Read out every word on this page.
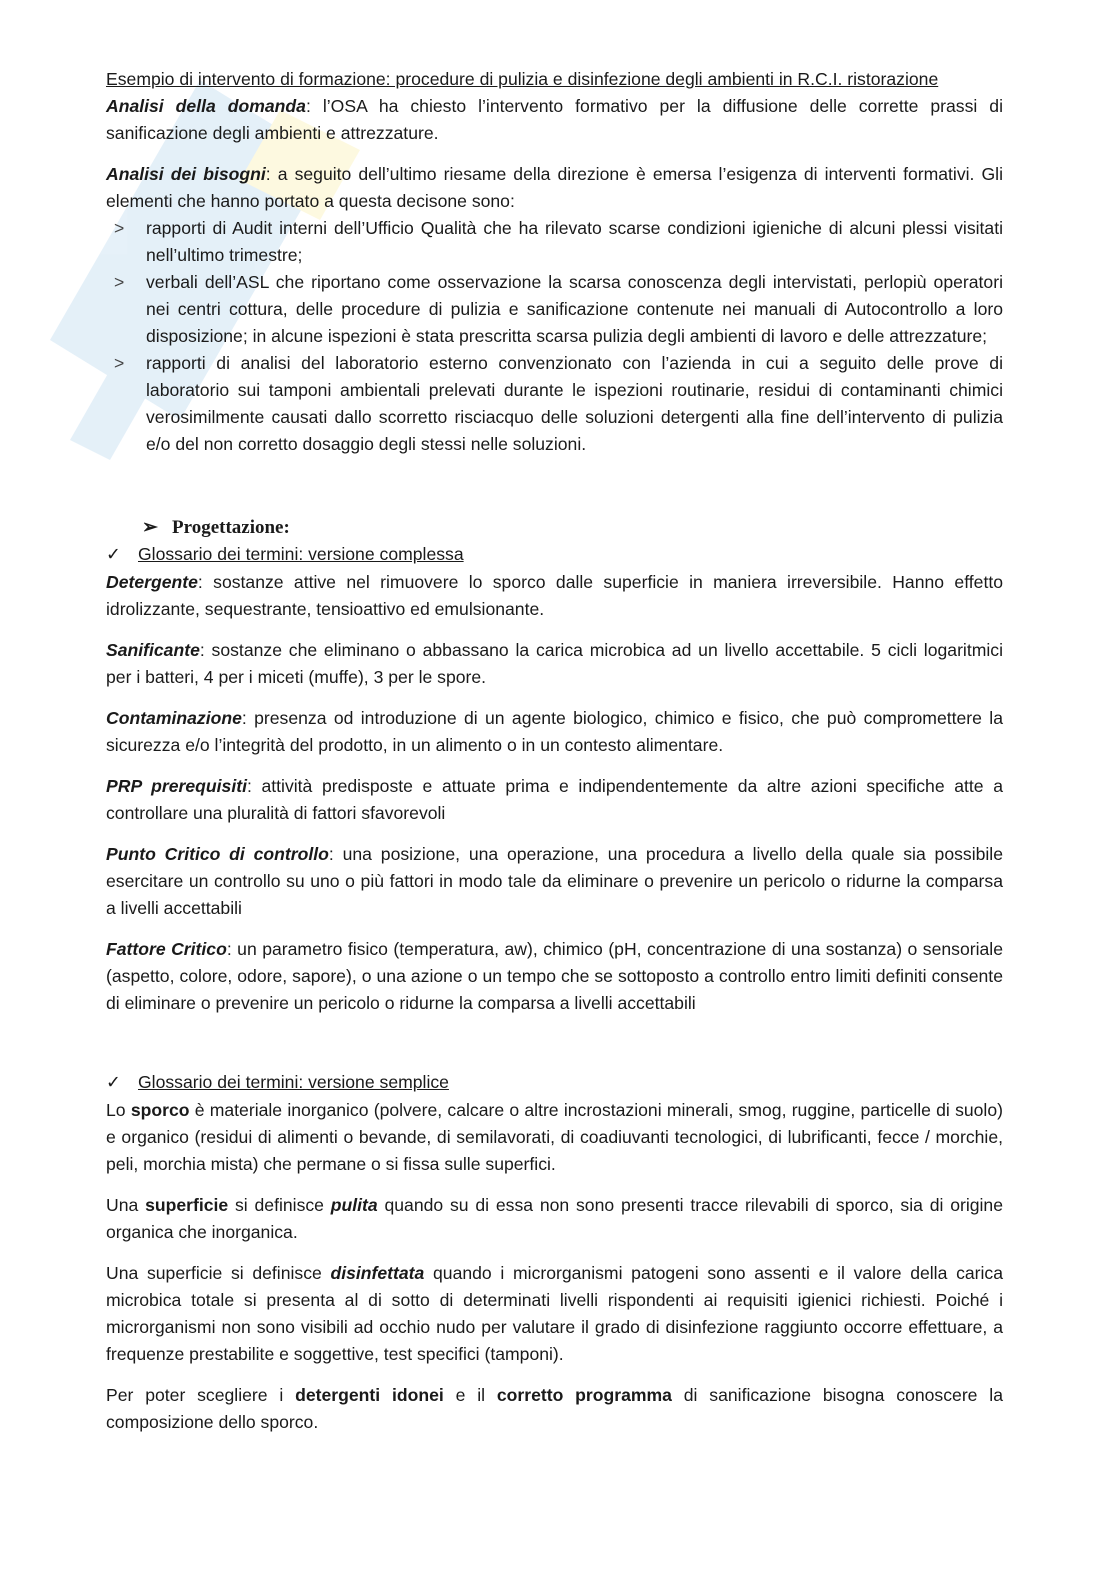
Esempio di intervento di formazione: procedure di pulizia e disinfezione degli ambienti in R.C.I. ristorazione

Analisi della domanda: l’OSA ha chiesto l’intervento formativo per la diffusione delle corrette prassi di sanificazione degli ambienti e attrezzature.

Analisi dei bisogni: a seguito dell’ultimo riesame della direzione è emersa l’esigenza di interventi formativi. Gli elementi che hanno portato a questa decisone sono:

> rapporti di Audit interni dell’Ufficio Qualità che ha rilevato scarse condizioni igieniche di alcuni plessi visitati nell’ultimo trimestre;
> verbali dell’ASL che riportano come osservazione la scarsa conoscenza degli intervistati, perlopiù operatori nei centri cottura, delle procedure di pulizia e sanificazione contenute nei manuali di Autocontrollo a loro disposizione; in alcune ispezioni è stata prescritta scarsa pulizia degli ambienti di lavoro e delle attrezzature;
> rapporti di analisi del laboratorio esterno convenzionato con l’azienda in cui a seguito delle prove di laboratorio sui tamponi ambientali prelevati durante le ispezioni routinarie, residui di contaminanti chimici verosimilmente causati dallo scorretto risciacquo delle soluzioni detergenti alla fine dell’intervento di pulizia e/o del non corretto dosaggio degli stessi nelle soluzioni.
➢ Progettazione:

✓ Glossario dei termini: versione complessa

Detergente: sostanze attive nel rimuovere lo sporco dalle superficie in maniera irreversibile. Hanno effetto idrolizzante, sequestrante, tensioattivo ed emulsionante.

Sanificante: sostanze che eliminano o abbassano la carica microbica ad un livello accettabile. 5 cicli logaritmici per i batteri, 4 per i miceti (muffe), 3 per le spore.

Contaminazione: presenza od introduzione di un agente biologico, chimico e fisico, che può compromettere la sicurezza e/o l’integrità del prodotto, in un alimento o in un contesto alimentare.

PRP prerequisiti: attività predisposte e attuate prima e indipendentemente da altre azioni specifiche atte a controllare una pluralità di fattori sfavorevoli

Punto Critico di controllo: una posizione, una operazione, una procedura a livello della quale sia possibile esercitare un controllo su uno o più fattori in modo tale da eliminare o prevenire un pericolo o ridurne la comparsa a livelli accettabili

Fattore Critico: un parametro fisico (temperatura, aw), chimico (pH, concentrazione di una sostanza) o sensoriale (aspetto, colore, odore, sapore), o una azione o un tempo che se sottoposto a controllo entro limiti definiti consente di eliminare o prevenire un pericolo o ridurne la comparsa a livelli accettabili

✓ Glossario dei termini: versione semplice

Lo sporco è materiale inorganico (polvere, calcare o altre incrostazioni minerali, smog, ruggine, particelle di suolo) e organico (residui di alimenti o bevande, di semilavorati, di coadiuvanti tecnologici, di lubrificanti, fecce / morchie, peli, morchia mista) che permane o si fissa sulle superfici.

Una superficie si definisce pulita quando su di essa non sono presenti tracce rilevabili di sporco, sia di origine organica che inorganica.

Una superficie si definisce disinfettata quando i microrganismi patogeni sono assenti e il valore della carica microbica totale si presenta al di sotto di determinati livelli rispondenti ai requisiti igienici richiesti. Poiché i microrganismi non sono visibili ad occhio nudo per valutare il grado di disinfezione raggiunto occorre effettuare, a frequenze prestabilite e soggettive, test specifici (tamponi).

Per poter scegliere i detergenti idonei e il corretto programma di sanificazione bisogna conoscere la composizione dello sporco.
